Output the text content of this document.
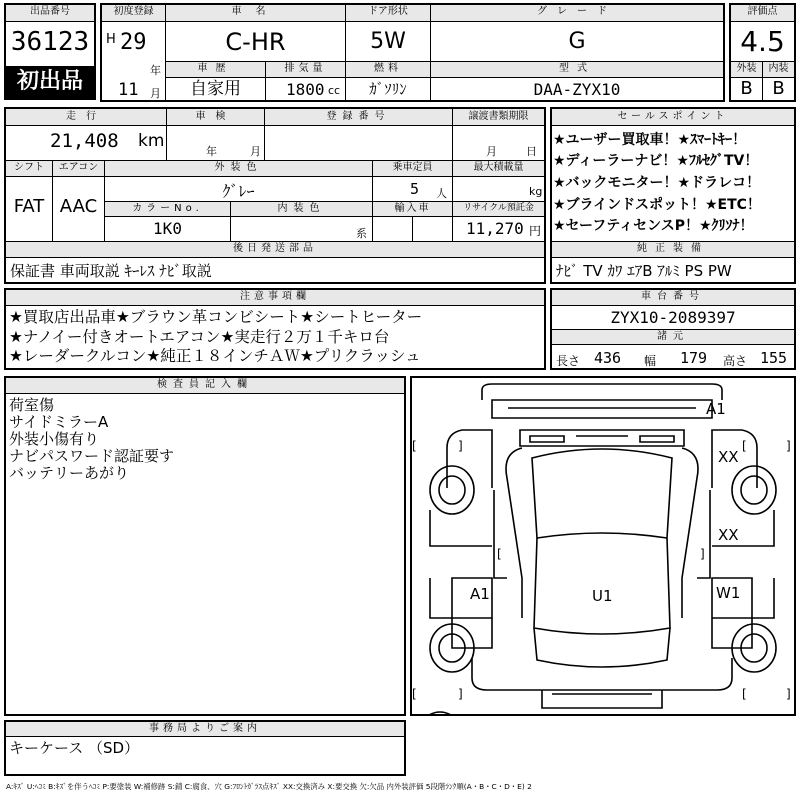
出品番号
36123
初出品
初度登録
H 29
年
11 月
車名
C-HR
車歴
自家用
排気量
1800 cc
ドア形状
5W
燃料
ｶﾞｿﾘﾝ
グレード
G
型式
DAA-ZYX10
評価点
4.5
外装	内装
B	B
走行
21,408 km
車検
年	月
登録番号	譲渡書類期限
月	日
シフト
FAT
エアコン
AAC
外装色
ｸﾞﾚｰ
乗車定員
5 人
最大積載量
kg
カラーNo.
1K0
内装色
系
輸入車	リサイクル預託金
11,270 円
後日発送部品
保証書 車両取説 ｷｰﾚｽ ﾅﾋﾞ取説
セールスポイント
★ユーザー買取車！★ｽﾏｰﾄｷｰ！
★ディーラーナビ！★ﾌﾙｾｸﾞTV！
★バックモニター！★ドラレコ！
★ブラインドスポット！★ETC！
★セーフティセンスP！★ｸﾘｿﾅ！
純正装備
ﾅﾋﾞ TV ｶﾜ ｴｱB ｱﾙﾐ PS PW
注意事項欄
★買取店出品車★ブラウン革コンビシート★シートヒーター
★ナノイー付きオートエアコン★実走行２万１千キロ台
★レーダークルコン★純正１８インチＡＷ★プリクラッシュ
車台番号
ZYX10-2089397
諸元
長さ 436 幅 179 高さ 155
検査員記入欄
荷室傷
サイドミラーA
外装小傷有り
ナビパスワード認証要す
バッテリーあがり
[	]	[	]
[	]
[	]	[	]
A1
XX
XX
A1	U1	W1
事務局よりご案内
キーケース （SD）
A:ｷｽﾞ U:ﾍｺﾐ B:ｷｽﾞを伴うﾍｺﾐ P:要塗装 W:補修跡 S:錆 C:腐食、穴 G:ﾌﾛﾝﾄｶﾞﾗｽ点ｷｽﾞ XX:交換済み X:要交換 欠:欠品 内外装評価 5段階ﾗﾝｸ順(A・B・C・D・E) 2
